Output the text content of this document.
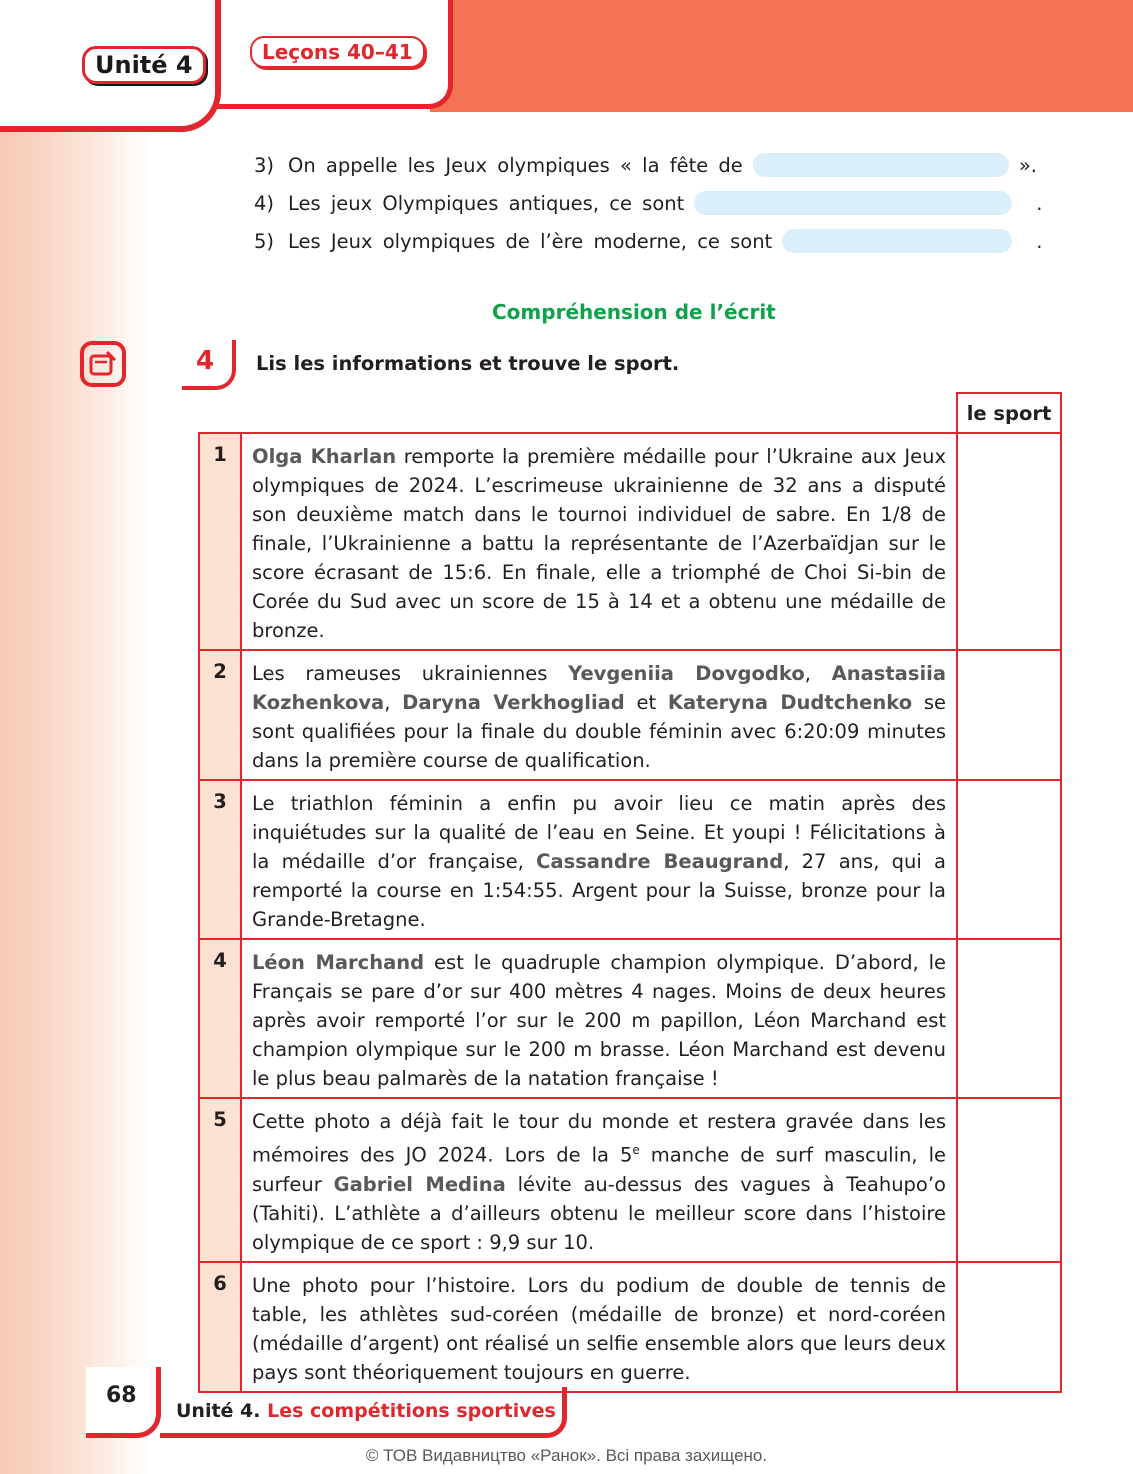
Unité 4	Leçons 40–41
3) On appelle les Jeux olympiques « la fête de	».
4) Les jeux Olympiques antiques, ce sont	.
5) Les Jeux olympiques de l’ère moderne, ce sont	.
Compréhension de l’écrit
4 Lis les informations et trouve le sport.
		le sport
1	Olga Kharlan remporte la première médaille pour l’Ukraine aux Jeux olympiques de 2024. L’escrimeuse ukrainienne de 32 ans a disputé son deuxième match dans le tournoi individuel de sabre. En 1/8 de finale, l’Ukrainienne a battu la représentante de l’Azerbaïdjan sur le score écrasant de 15:6. En finale, elle a triomphé de Choi Si-bin de Corée du Sud avec un score de 15 à 14 et a obtenu une médaille de bronze.	
2	Les rameuses ukrainiennes Yevgeniia Dovgodko, Anastasiia Kozhenkova, Daryna Verkhogliad et Kateryna Dudtchenko se sont qualifiées pour la finale du double féminin avec 6:20:09 minutes dans la première course de qualification.	
3	Le triathlon féminin a enfin pu avoir lieu ce matin après des inquiétudes sur la qualité de l’eau en Seine. Et youpi ! Félicitations à la médaille d’or française, Cassandre Beaugrand, 27 ans, qui a remporté la course en 1:54:55. Argent pour la Suisse, bronze pour la Grande-Bretagne.	
4	Léon Marchand est le quadruple champion olympique. D’abord, le Français se pare d’or sur 400 mètres 4 nages. Moins de deux heures après avoir remporté l’or sur le 200 m papillon, Léon Marchand est champion olympique sur le 200 m brasse. Léon Marchand est devenu le plus beau palmarès de la natation française !	
5	Cette photo a déjà fait le tour du monde et restera gravée dans les mémoires des JO 2024. Lors de la 5e manche de surf masculin, le surfeur Gabriel Medina lévite au-dessus des vagues à Teahupo’o (Tahiti). L’athlète a d’ailleurs obtenu le meilleur score dans l’histoire olympique de ce sport : 9,9 sur 10.	
6	Une photo pour l’histoire. Lors du podium de double de tennis de table, les athlètes sud-coréen (médaille de bronze) et nord-coréen (médaille d’argent) ont réalisé un selfie ensemble alors que leurs deux pays sont théoriquement toujours en guerre.	
68
Unité 4. Les compétitions sportives
© ТОВ Видавництво «Ранок». Всі права захищено.
